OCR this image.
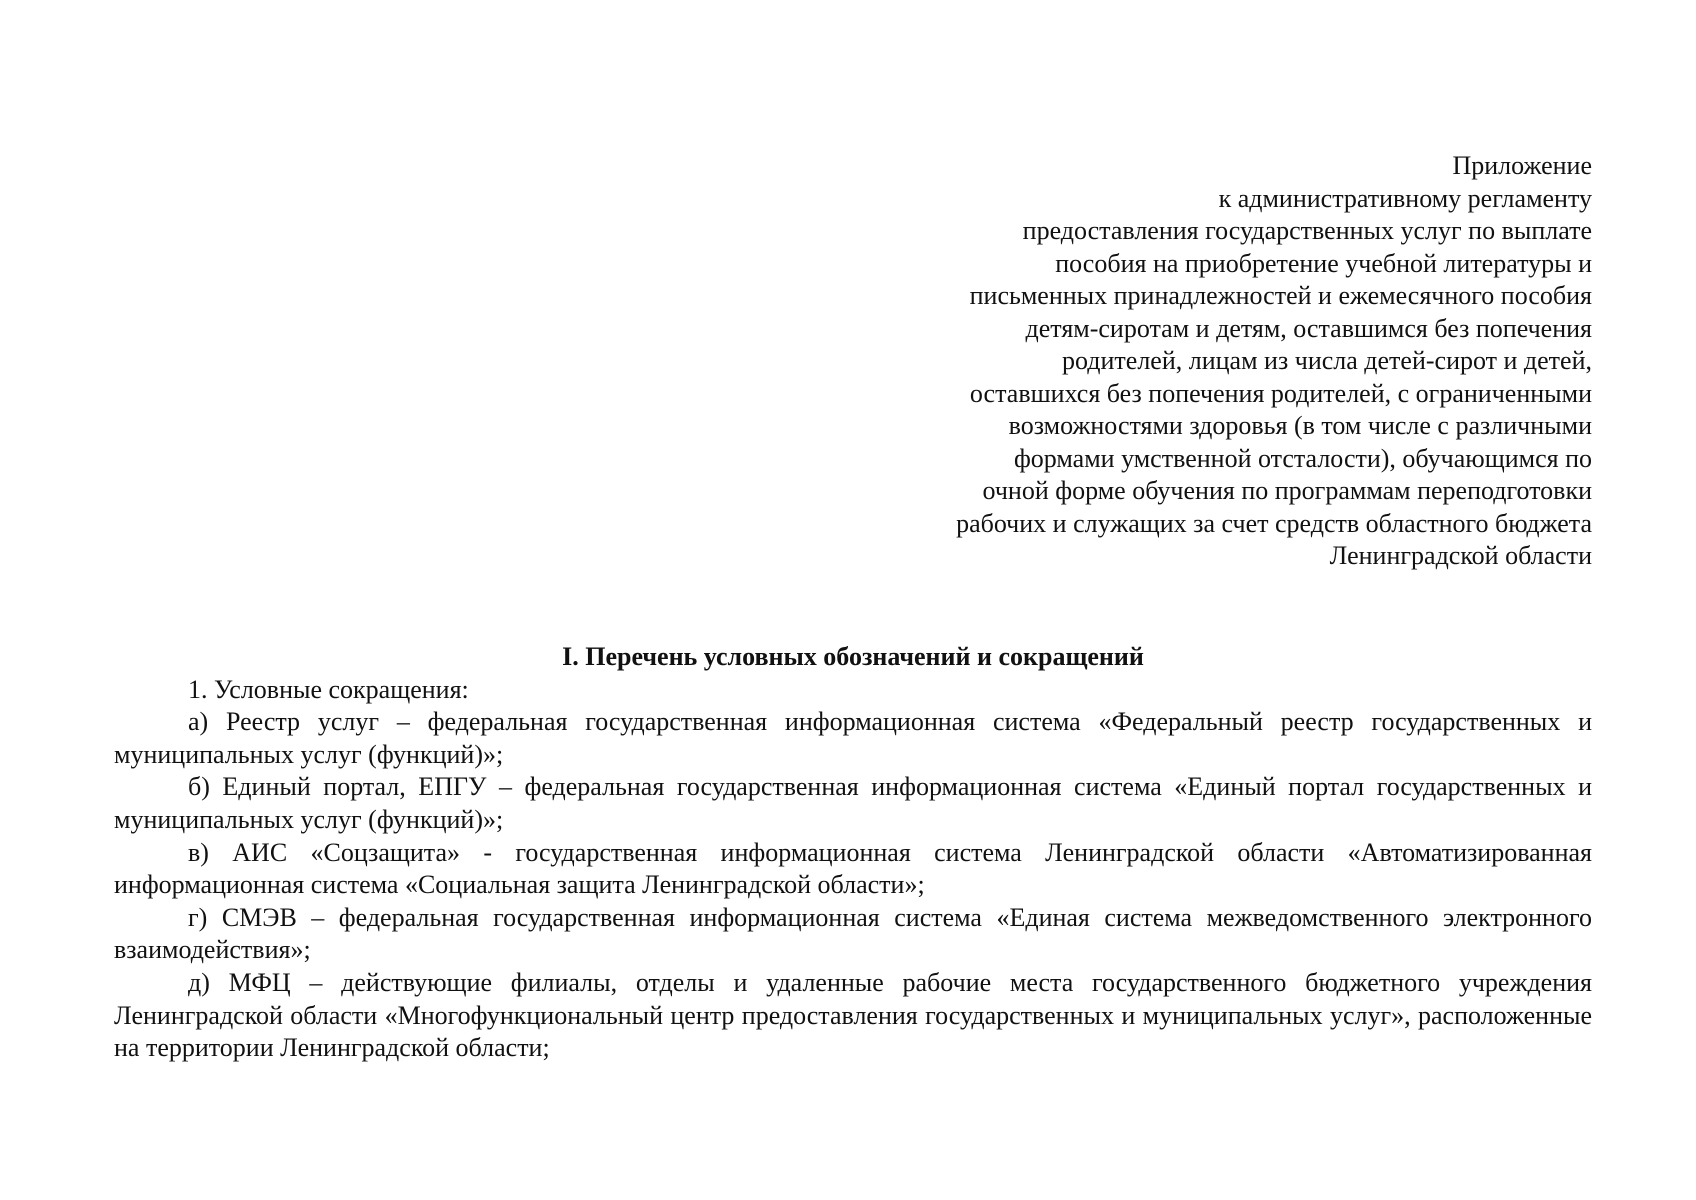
Приложение
к административному регламенту
предоставления государственных услуг по выплате
пособия на приобретение учебной литературы и
письменных принадлежностей и ежемесячного пособия
детям-сиротам и детям, оставшимся без попечения
родителей, лицам из числа детей-сирот и детей,
оставшихся без попечения родителей, с ограниченными
возможностями здоровья (в том числе с различными
формами умственной отсталости), обучающимся по
очной форме обучения по программам переподготовки
рабочих и служащих за счет средств областного бюджета
Ленинградской области
I. Перечень условных обозначений и сокращений

1. Условные сокращения:

а) Реестр услуг – федеральная государственная информационная система «Федеральный реестр государственных и муниципальных услуг (функций)»;

б) Единый портал, ЕПГУ – федеральная государственная информационная система «Единый портал государственных и муниципальных услуг (функций)»;

в) АИС «Соцзащита» - государственная информационная система Ленинградской области «Автоматизированная информационная система «Социальная защита Ленинградской области»;

г) СМЭВ – федеральная государственная информационная система «Единая система межведомственного электронного взаимодействия»;

д) МФЦ – действующие филиалы, отделы и удаленные рабочие места государственного бюджетного учреждения Ленинградской области «Многофункциональный центр предоставления государственных и муниципальных услуг», расположенные на территории Ленинградской области;
